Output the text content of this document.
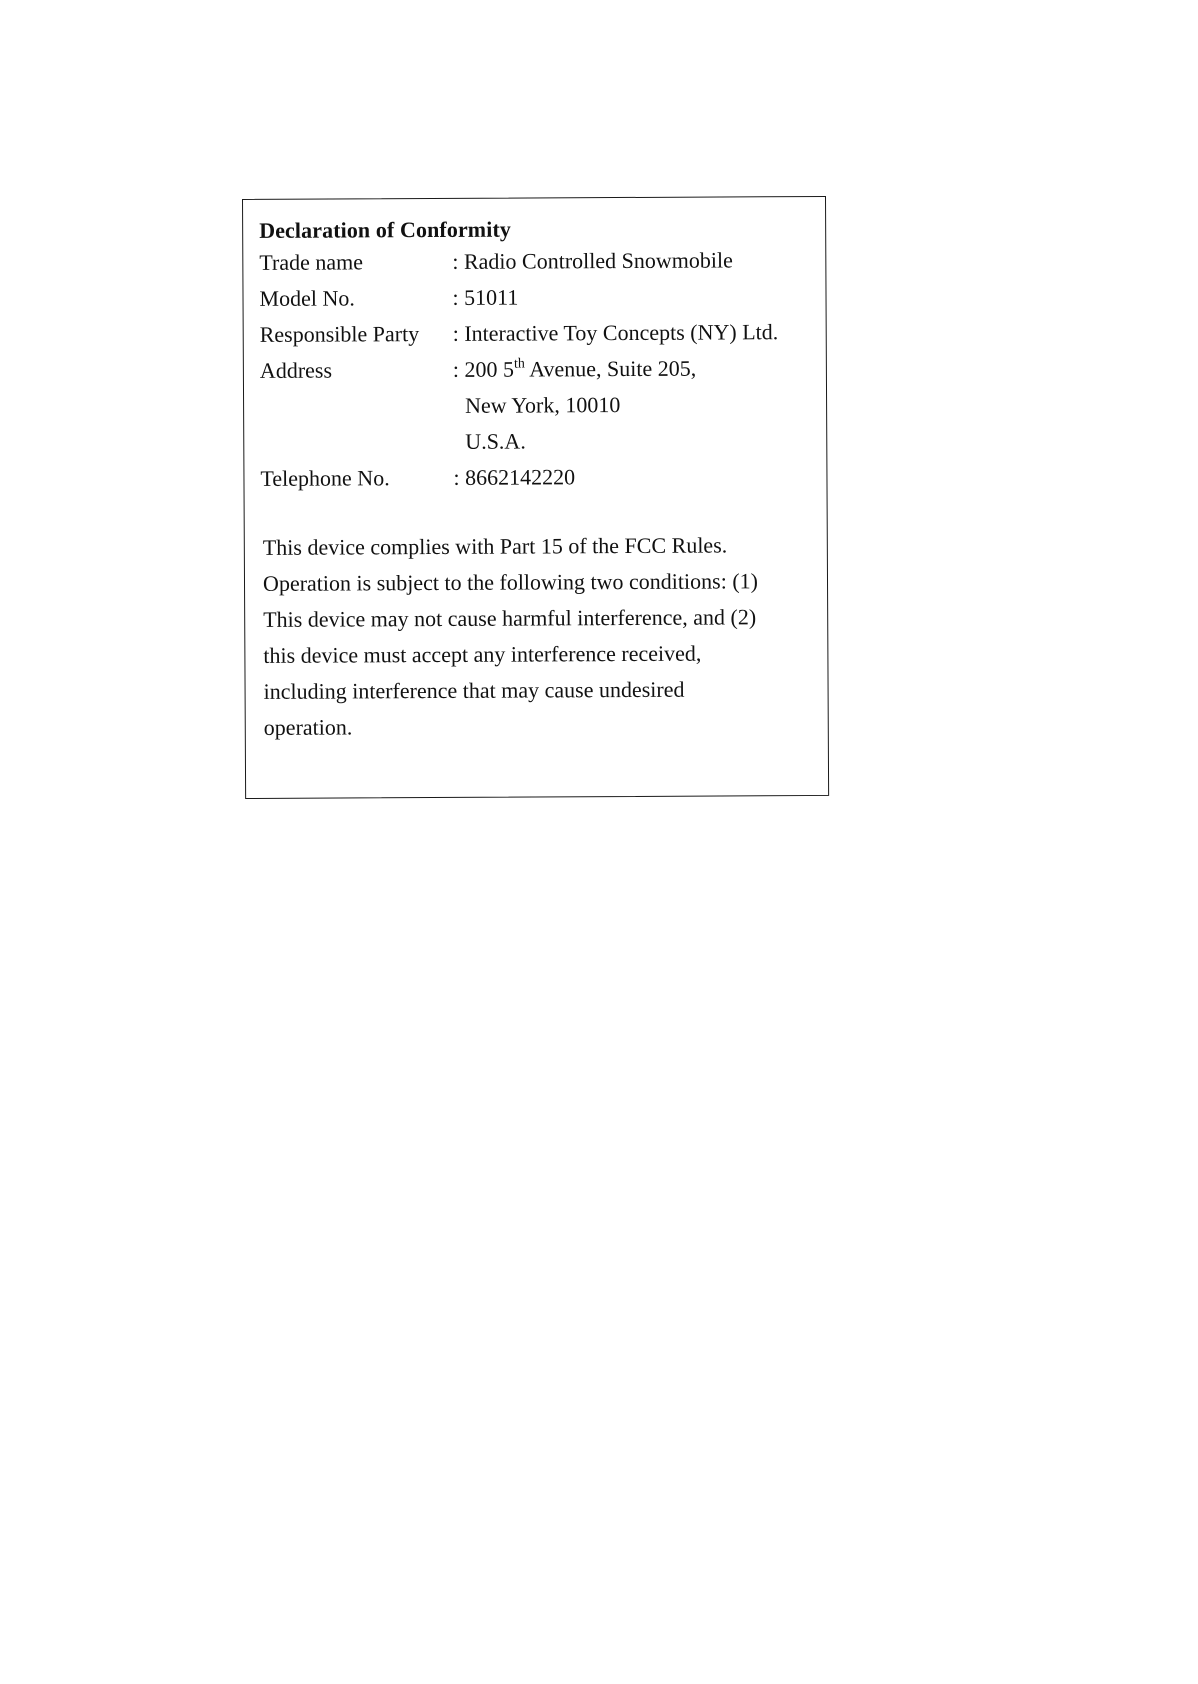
Declaration of Conformity
Trade name	: Radio Controlled Snowmobile
Model No.	: 51011
Responsible Party : Interactive Toy Concepts (NY) Ltd.
Address	: 200 5th Avenue, Suite 205,
New York, 10010
U.S.A.
Telephone No.	: 8662142220
This device complies with Part 15 of the FCC Rules.
Operation is subject to the following two conditions: (1)
This device may not cause harmful interference, and (2)
this device must accept any interference received,
including interference that may cause undesired
operation.
